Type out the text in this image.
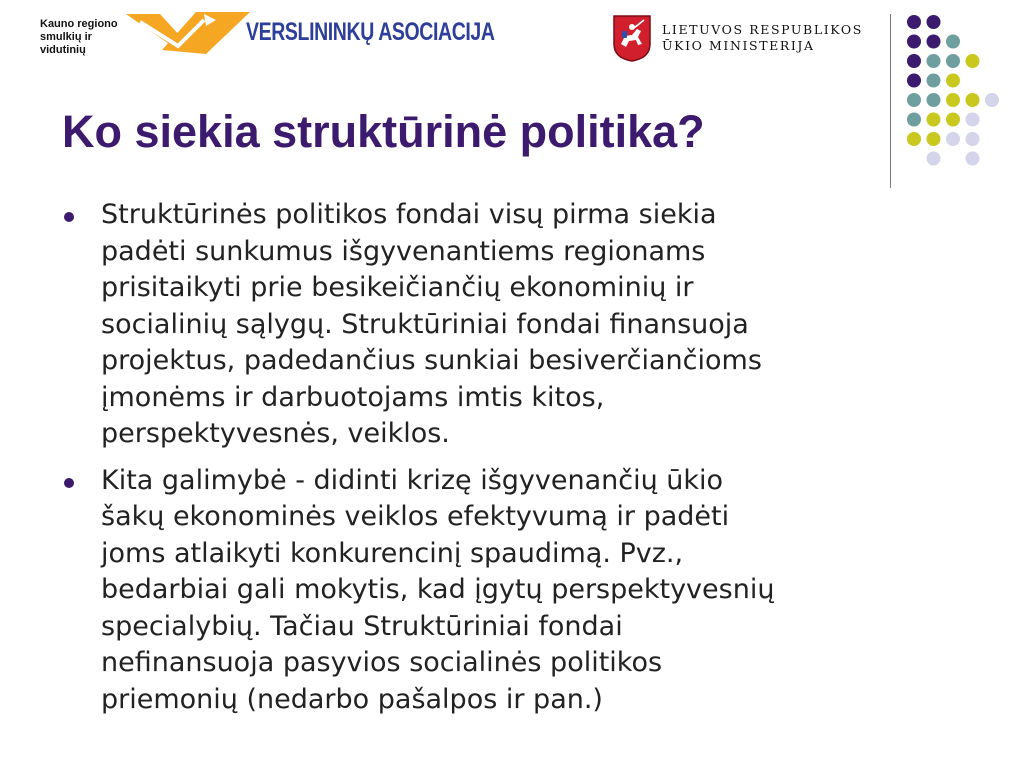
Kauno regiono
smulkių ir vidutinių
VERSLININKŲ ASOCIACIJA	LIETUVOS RESPUBLIKOS
ŪKIO MINISTERIJA
Ko siekia struktūrinė politika?
Struktūrinės politikos fondai visų pirma siekia
padėti sunkumus išgyvenantiems regionams
prisitaikyti prie besikeičiančių ekonominių ir
socialinių sąlygų. Struktūriniai fondai finansuoja
projektus, padedančius sunkiai besiverčiančioms
įmonėms ir darbuotojams imtis kitos,
perspektyvesnės, veiklos.
Kita galimybė - didinti krizę išgyvenančių ūkio
šakų ekonominės veiklos efektyvumą ir padėti
joms atlaikyti konkurencinį spaudimą. Pvz.,
bedarbiai gali mokytis, kad įgytų perspektyvesnių
specialybių. Tačiau Struktūriniai fondai
nefinansuoja pasyvios socialinės politikos
priemonių (nedarbo pašalpos ir pan.)
